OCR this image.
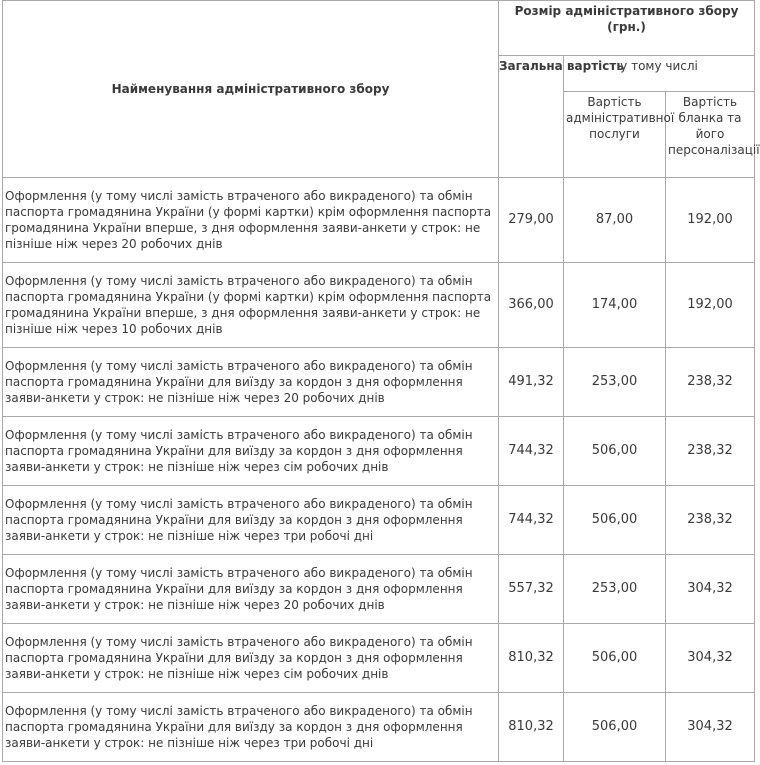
Найменування адміністративного збору	Розмір адміністративного збору (грн.)		
	Загальна вартість	у тому числі	
		Вартість адміністративної послуги	Вартість бланка та його персоналізації
Оформлення (у тому числі замість втраченого або викраденого) та обмін паспорта громадянина України (у формі картки) крім оформлення паспорта громадянина України вперше, з дня оформлення заяви-анкети у строк: не пізніше ніж через 20 робочих днів	279,00	87,00	192,00
Оформлення (у тому числі замість втраченого або викраденого) та обмін паспорта громадянина України (у формі картки) крім оформлення паспорта громадянина України вперше, з дня оформлення заяви-анкети у строк: не пізніше ніж через 10 робочих днів	366,00	174,00	192,00
Оформлення (у тому числі замість втраченого або викраденого) та обмін паспорта громадянина України для виїзду за кордон з дня оформлення заяви-анкети у строк: не пізніше ніж через 20 робочих днів	491,32	253,00	238,32
Оформлення (у тому числі замість втраченого або викраденого) та обмін паспорта громадянина України для виїзду за кордон з дня оформлення заяви-анкети у строк: не пізніше ніж через сім робочих днів	744,32	506,00	238,32
Оформлення (у тому числі замість втраченого або викраденого) та обмін паспорта громадянина України для виїзду за кордон з дня оформлення заяви-анкети у строк: не пізніше ніж через три робочі дні	744,32	506,00	238,32
Оформлення (у тому числі замість втраченого або викраденого) та обмін паспорта громадянина України для виїзду за кордон з дня оформлення заяви-анкети у строк: не пізніше ніж через 20 робочих днів	557,32	253,00	304,32
Оформлення (у тому числі замість втраченого або викраденого) та обмін паспорта громадянина України для виїзду за кордон з дня оформлення заяви-анкети у строк: не пізніше ніж через сім робочих днів	810,32	506,00	304,32
Оформлення (у тому числі замість втраченого або викраденого) та обмін паспорта громадянина України для виїзду за кордон з дня оформлення заяви-анкети у строк: не пізніше ніж через три робочі дні	810,32	506,00	304,32
